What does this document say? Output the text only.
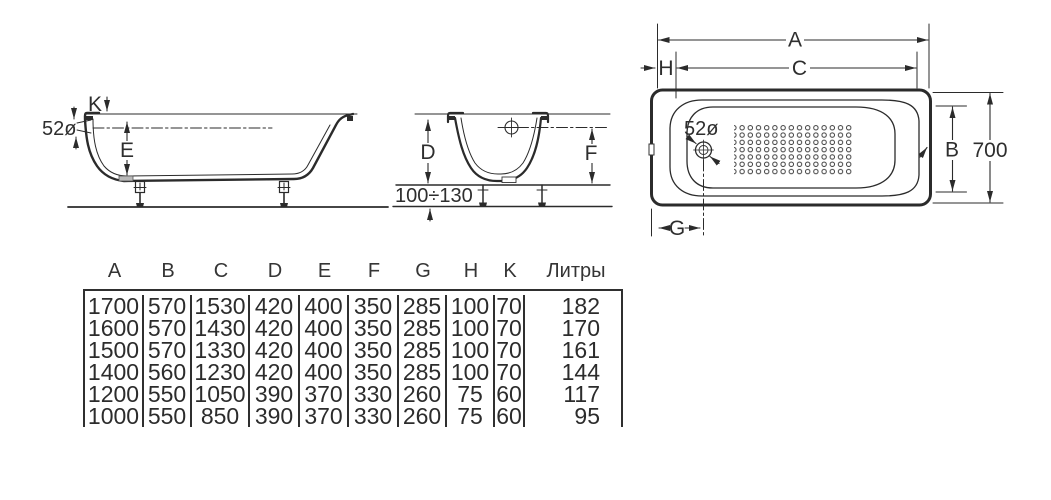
K
52ø
E	D	F
100÷130
52ø
A
C
H
B 700
G
A	B	C	D	E	F	G	H	K	Литры
1700 570 1530 420 400 350 285 100 70	182
1600 570 1430 420 400 350 285 100 70	170
1500 570 1330 420 400 350 285 100 70	161
1400 560 1230 420 400 350 285 100 70	144
1200 550 1050 390 370 330 260 75 60	117
1000 550 850 390 370 330 260 75 60	95
